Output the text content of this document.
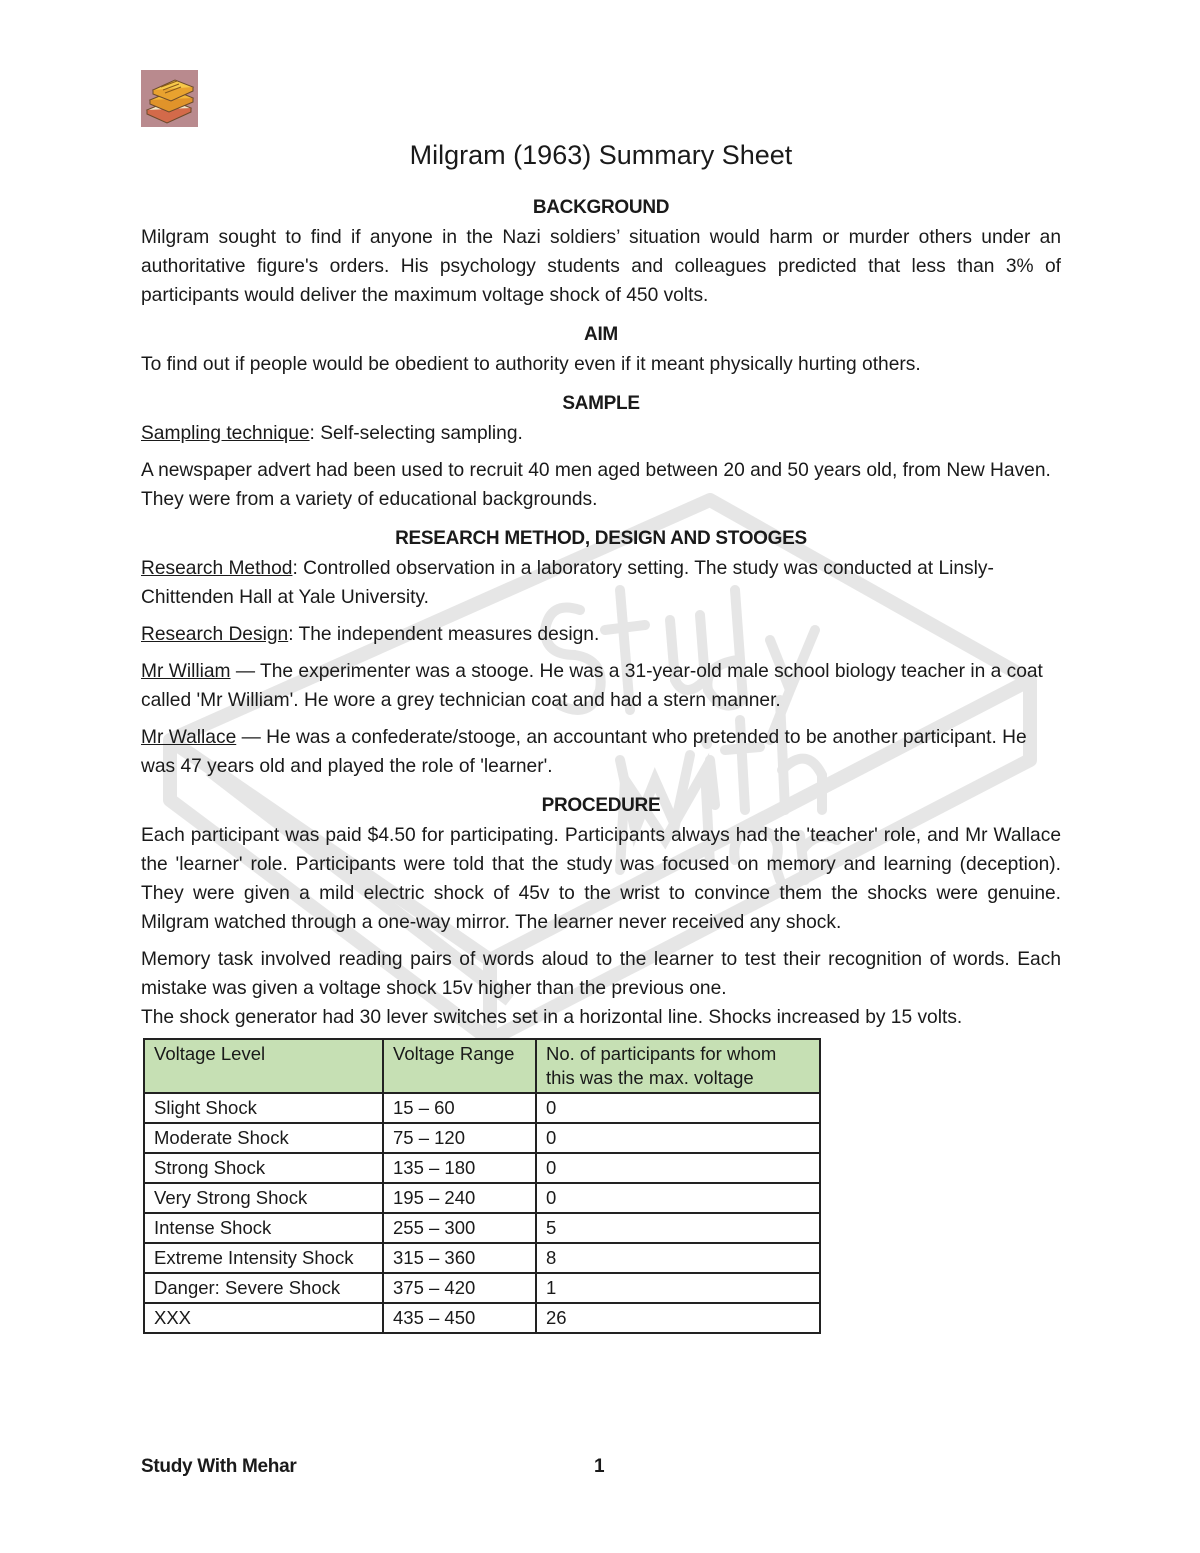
Milgram (1963) Summary Sheet
BACKGROUND

Milgram sought to find if anyone in the Nazi soldiers’ situation would harm or murder others under an authoritative figure's orders. His psychology students and colleagues predicted that less than 3% of participants would deliver the maximum voltage shock of 450 volts.

AIM

To find out if people would be obedient to authority even if it meant physically hurting others.

SAMPLE

Sampling technique: Self-selecting sampling.

A newspaper advert had been used to recruit 40 men aged between 20 and 50 years old, from New Haven. They were from a variety of educational backgrounds.

RESEARCH METHOD, DESIGN AND STOOGES

Research Method: Controlled observation in a laboratory setting. The study was conducted at Linsly-Chittenden Hall at Yale University.

Research Design: The independent measures design.

Mr William — The experimenter was a stooge. He was a 31-year-old male school biology teacher in a coat called 'Mr William'. He wore a grey technician coat and had a stern manner.

Mr Wallace — He was a confederate/stooge, an accountant who pretended to be another participant. He was 47 years old and played the role of 'learner'.

PROCEDURE

Each participant was paid $4.50 for participating. Participants always had the 'teacher' role, and Mr Wallace the 'learner' role. Participants were told that the study was focused on memory and learning (deception). They were given a mild electric shock of 45v to the wrist to convince them the shocks were genuine. Milgram watched through a one-way mirror. The learner never received any shock.

Memory task involved reading pairs of words aloud to the learner to test their recognition of words. Each mistake was given a voltage shock 15v higher than the previous one.

The shock generator had 30 lever switches set in a horizontal line. Shocks increased by 15 volts.

Voltage Level	Voltage Range	No. of participants for whom this was the max. voltage
Slight Shock	15 – 60	0
Moderate Shock	75 – 120	0
Strong Shock	135 – 180	0
Very Strong Shock	195 – 240	0
Intense Shock	255 – 300	5
Extreme Intensity Shock	315 – 360	8
Danger: Severe Shock	375 – 420	1
XXX	435 – 450	26
Study With Mehar	1
